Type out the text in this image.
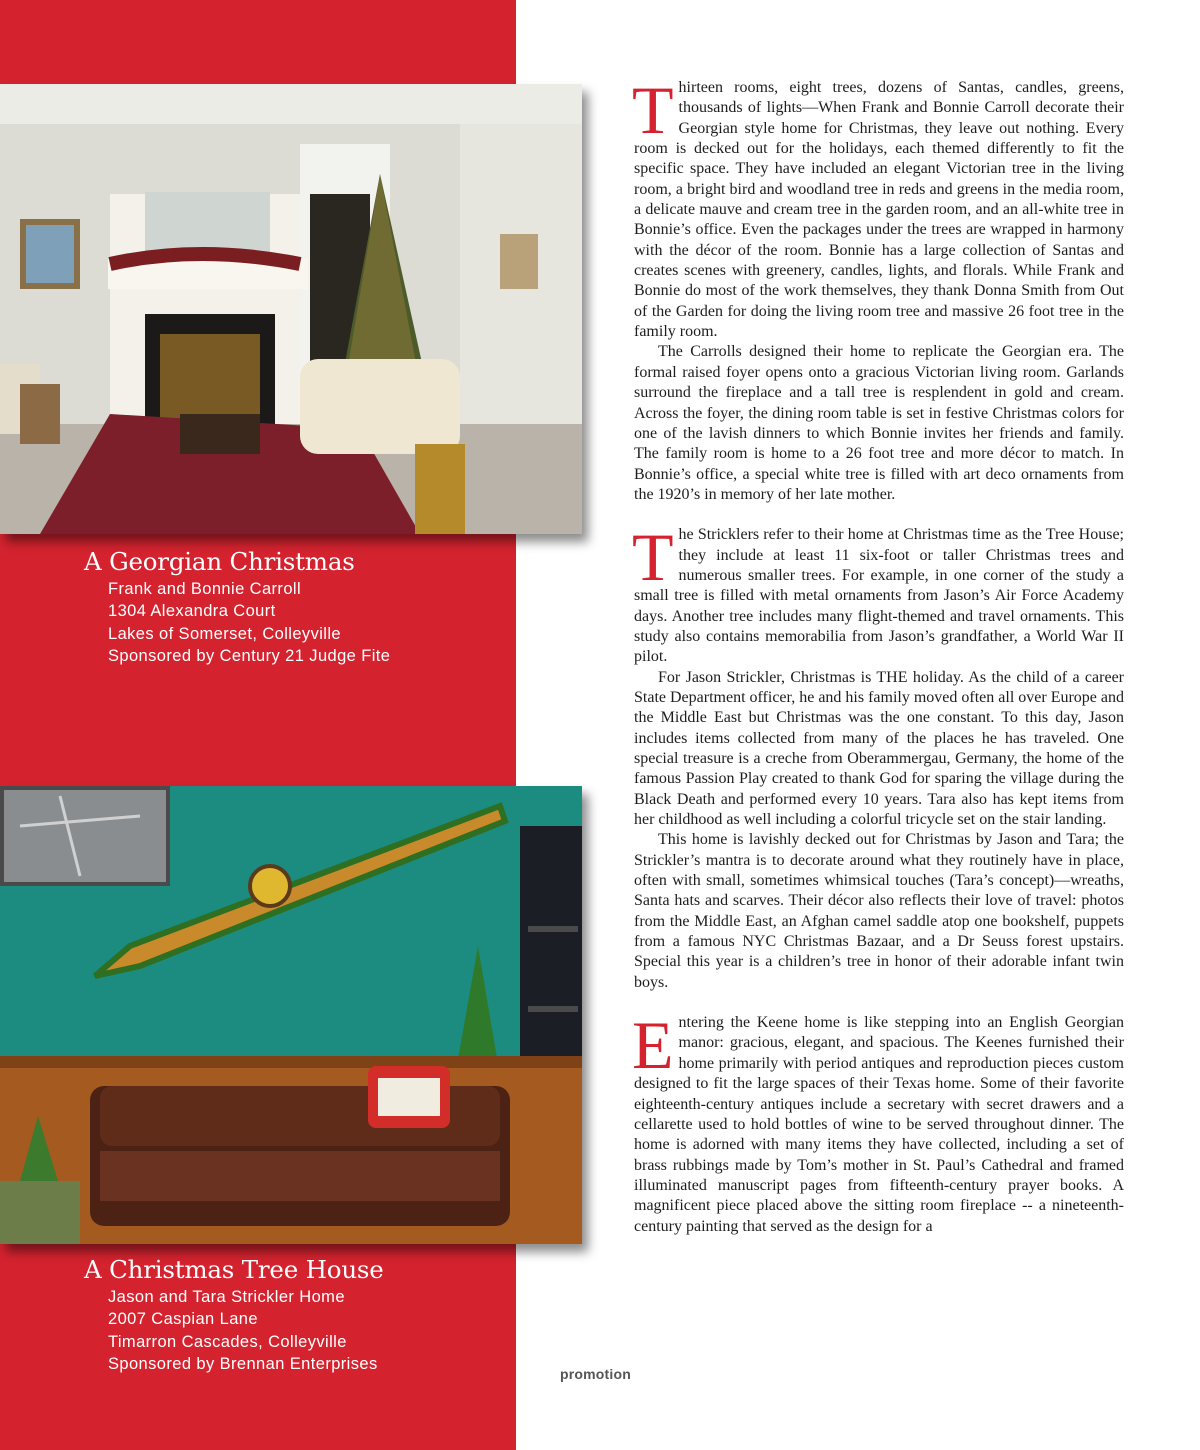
A Georgian Christmas
Frank and Bonnie Carroll
1304 Alexandra Court
Lakes of Somerset, Colleyville
Sponsored by Century 21 Judge Fite
A Christmas Tree House
Jason and Tara Strickler Home
2007 Caspian Lane
Timarron Cascades, Colleyville
Sponsored by Brennan Enterprises

Thirteen rooms, eight trees, dozens of Santas, candles, greens, thousands of lights—When Frank and Bonnie Carroll decorate their Georgian style home for Christmas, they leave out nothing. Every room is decked out for the holidays, each themed differently to fit the specific space. They have included an elegant Victorian tree in the living room, a bright bird and woodland tree in reds and greens in the media room, a delicate mauve and cream tree in the garden room, and an all-white tree in Bonnie’s office. Even the packages under the trees are wrapped in harmony with the décor of the room. Bonnie has a large collection of Santas and creates scenes with greenery, candles, lights, and florals. While Frank and Bonnie do most of the work themselves, they thank Donna Smith from Out of the Garden for doing the living room tree and massive 26 foot tree in the family room.

The Carrolls designed their home to replicate the Georgian era. The formal raised foyer opens onto a gracious Victorian living room. Garlands surround the fireplace and a tall tree is resplendent in gold and cream. Across the foyer, the dining room table is set in festive Christmas colors for one of the lavish dinners to which Bonnie invites her friends and family. The family room is home to a 26 foot tree and more décor to match. In Bonnie’s office, a special white tree is filled with art deco ornaments from the 1920’s in memory of her late mother.

The Stricklers refer to their home at Christmas time as the Tree House; they include at least 11 six-foot or taller Christmas trees and numerous smaller trees. For example, in one corner of the study a small tree is filled with metal ornaments from Jason’s Air Force Academy days. Another tree includes many flight-themed and travel ornaments. This study also contains memorabilia from Jason’s grandfather, a World War II pilot.

For Jason Strickler, Christmas is THE holiday. As the child of a career State Department officer, he and his family moved often all over Europe and the Middle East but Christmas was the one constant. To this day, Jason includes items collected from many of the places he has traveled. One special treasure is a creche from Oberammergau, Germany, the home of the famous Passion Play created to thank God for sparing the village during the Black Death and performed every 10 years. Tara also has kept items from her childhood as well including a colorful tricycle set on the stair landing.

This home is lavishly decked out for Christmas by Jason and Tara; the Strickler’s mantra is to decorate around what they routinely have in place, often with small, sometimes whimsical touches (Tara’s concept)—wreaths, Santa hats and scarves. Their décor also reflects their love of travel: photos from the Middle East, an Afghan camel saddle atop one bookshelf, puppets from a famous NYC Christmas Bazaar, and a Dr Seuss forest upstairs. Special this year is a children’s tree in honor of their adorable infant twin boys.

Entering the Keene home is like stepping into an English Georgian manor: gracious, elegant, and spacious. The Keenes furnished their home primarily with period antiques and reproduction pieces custom designed to fit the large spaces of their Texas home. Some of their favorite eighteenth-century antiques include a secretary with secret drawers and a cellarette used to hold bottles of wine to be served throughout dinner. The home is adorned with many items they have collected, including a set of brass rubbings made by Tom’s mother in St. Paul’s Cathedral and framed illuminated manuscript pages from fifteenth-century prayer books. A magnificent piece placed above the sitting room fireplace -- a nineteenth-century painting that served as the design for a

promotion
